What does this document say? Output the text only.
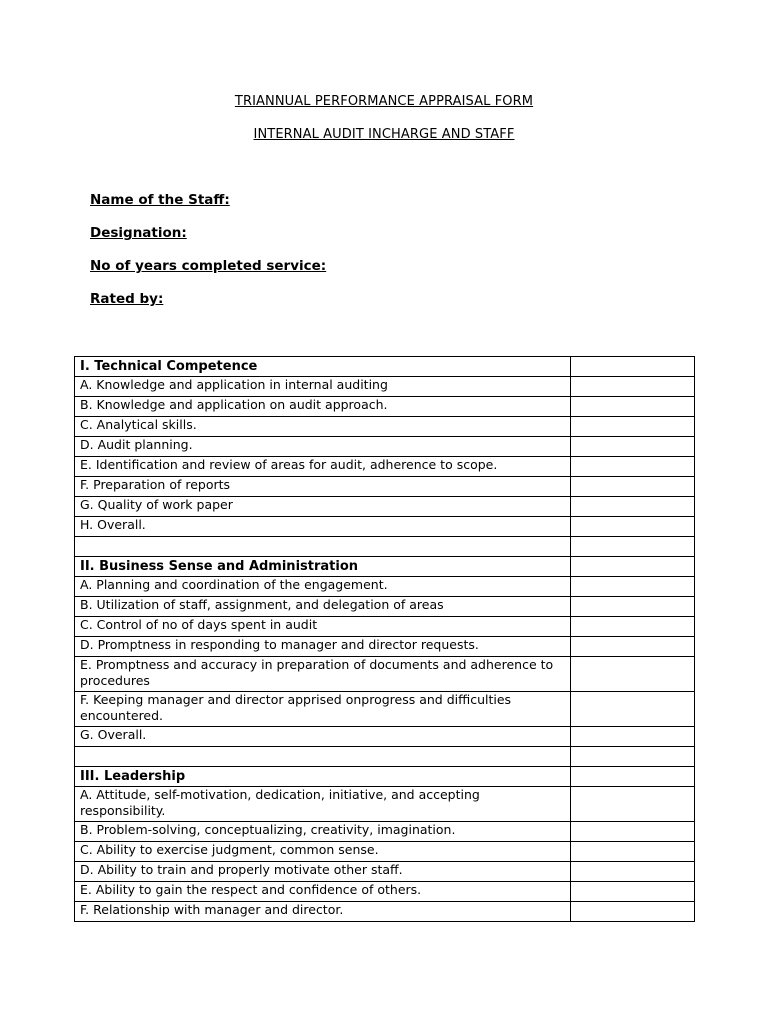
TRIANNUAL PERFORMANCE APPRAISAL FORM
INTERNAL AUDIT INCHARGE AND STAFF
Name of the Staff:
Designation:
No of years completed service:
Rated by:
I. Technical Competence	
A. Knowledge and application in internal auditing	
B. Knowledge and application on audit approach.	
C. Analytical skills.	
D. Audit planning.	
E. Identification and review of areas for audit, adherence to scope.	
F. Preparation of reports	
G. Quality of work paper	
H. Overall.	

II. Business Sense and Administration	
A. Planning and coordination of the engagement.	
B. Utilization of staff, assignment, and delegation of areas	
C. Control of no of days spent in audit	
D. Promptness in responding to manager and director requests.	
E. Promptness and accuracy in preparation of documents and adherence to procedures	
F. Keeping manager and director apprised onprogress and difficulties encountered.	
G. Overall.	

III. Leadership	
A. Attitude, self-motivation, dedication, initiative, and accepting responsibility.	
B. Problem-solving, conceptualizing, creativity, imagination.	
C. Ability to exercise judgment, common sense.	
D. Ability to train and properly motivate other staff.	
E. Ability to gain the respect and confidence of others.	
F. Relationship with manager and director.	
